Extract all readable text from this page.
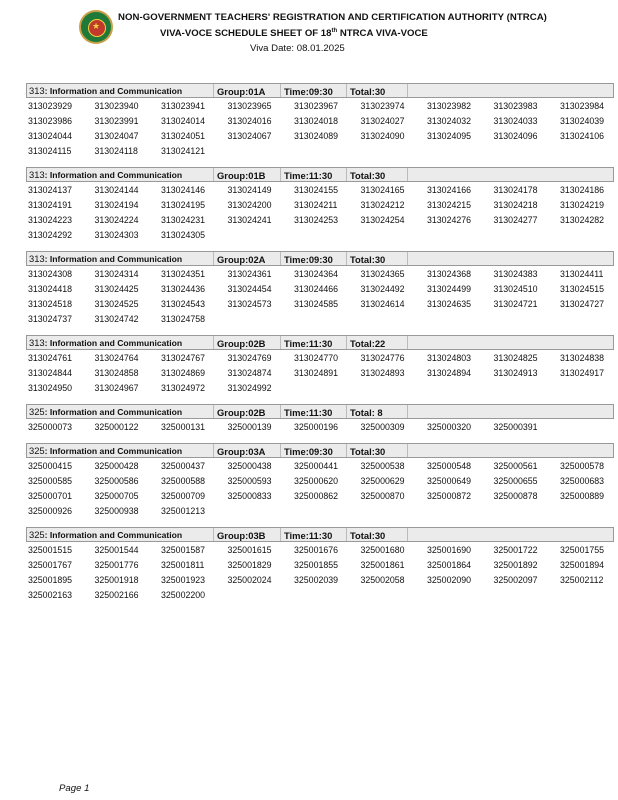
★
NON-GOVERNMENT TEACHERS' REGISTRATION AND CERTIFICATION AUTHORITY (NTRCA)
VIVA-VOCE SCHEDULE SHEET OF 18th NTRCA VIVA-VOCE
Viva Date: 08.01.2025
313: Information and Communication	Group:01A Time:09:30 Total:30
313023929	313023940	313023941	313023965	313023967	313023974	313023982	313023983	313023984
313023986	313023991	313024014	313024016	313024018	313024027	313024032	313024033	313024039
313024044	313024047	313024051	313024067	313024089	313024090	313024095	313024096	313024106
313024115	313024118	313024121
313: Information and Communication	Group:01B Time:11:30 Total:30
313024137	313024144	313024146	313024149	313024155	313024165	313024166	313024178	313024186
313024191	313024194	313024195	313024200	313024211	313024212	313024215	313024218	313024219
313024223	313024224	313024231	313024241	313024253	313024254	313024276	313024277	313024282
313024292	313024303	313024305
313: Information and Communication	Group:02A Time:09:30 Total:30
313024308	313024314	313024351	313024361	313024364	313024365	313024368	313024383	313024411
313024418	313024425	313024436	313024454	313024466	313024492	313024499	313024510	313024515
313024518	313024525	313024543	313024573	313024585	313024614	313024635	313024721	313024727
313024737	313024742	313024758
313: Information and Communication	Group:02B Time:11:30 Total:22
313024761	313024764	313024767	313024769	313024770	313024776	313024803	313024825	313024838
313024844	313024858	313024869	313024874	313024891	313024893	313024894	313024913	313024917
313024950	313024967	313024972	313024992
325: Information and Communication	Group:02B Time:11:30 Total: 8
325000073	325000122	325000131	325000139	325000196	325000309	325000320	325000391
325: Information and Communication	Group:03A Time:09:30 Total:30
325000415	325000428	325000437	325000438	325000441	325000538	325000548	325000561	325000578
325000585	325000586	325000588	325000593	325000620	325000629	325000649	325000655	325000683
325000701	325000705	325000709	325000833	325000862	325000870	325000872	325000878	325000889
325000926	325000938	325001213
325: Information and Communication	Group:03B Time:11:30 Total:30
325001515	325001544	325001587	325001615	325001676	325001680	325001690	325001722	325001755
325001767	325001776	325001811	325001829	325001855	325001861	325001864	325001892	325001894
325001895	325001918	325001923	325002024	325002039	325002058	325002090	325002097	325002112
325002163	325002166	325002200
Page 1
